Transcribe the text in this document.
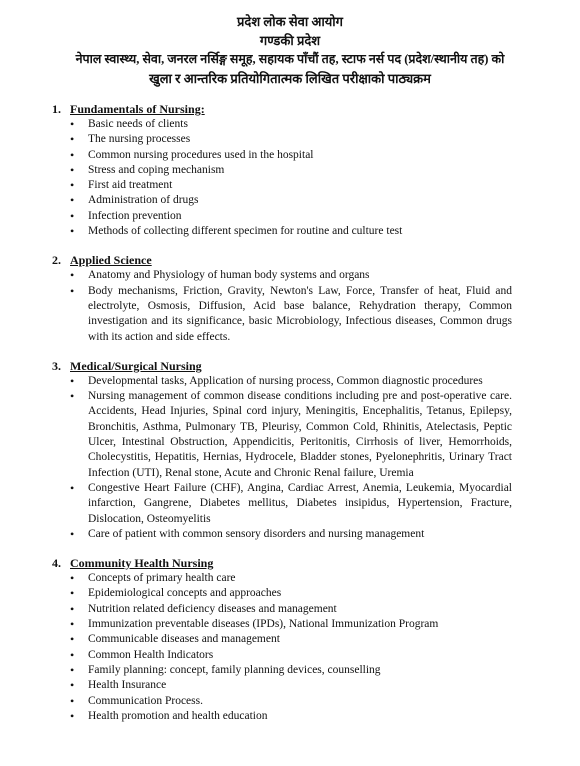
प्रदेश लोक सेवा आयोग
गण्डकी प्रदेश
नेपाल स्वास्थ्य, सेवा, जनरल नर्सिङ्ग समूह, सहायक पाँचौं तह, स्टाफ नर्स पद (प्रदेश/स्थानीय तह) को
खुला र आन्तरिक प्रतियोगितात्मक लिखित परीक्षाको पाठ्यक्रम
1. Fundamentals of Nursing:
• Basic needs of clients
• The nursing processes
• Common nursing procedures used in the hospital
• Stress and coping mechanism
• First aid treatment
• Administration of drugs
• Infection prevention
• Methods of collecting different specimen for routine and culture test
2. Applied Science
• Anatomy and Physiology of human body systems and organs
• Body mechanisms, Friction, Gravity, Newton's Law, Force, Transfer of heat, Fluid and electrolyte, Osmosis, Diffusion, Acid base balance, Rehydration therapy, Common investigation and its significance, basic Microbiology, Infectious diseases, Common drugs with its action and side effects.
3. Medical/Surgical Nursing
• Developmental tasks, Application of nursing process, Common diagnostic procedures
• Nursing management of common disease conditions including pre and post-operative care. Accidents, Head Injuries, Spinal cord injury, Meningitis, Encephalitis, Tetanus, Epilepsy, Bronchitis, Asthma, Pulmonary TB, Pleurisy, Common Cold, Rhinitis, Atelectasis, Peptic Ulcer, Intestinal Obstruction, Appendicitis, Peritonitis, Cirrhosis of liver, Hemorrhoids, Cholecystitis, Hepatitis, Hernias, Hydrocele, Bladder stones, Pyelonephritis, Urinary Tract Infection (UTI), Renal stone, Acute and Chronic Renal failure, Uremia
• Congestive Heart Failure (CHF), Angina, Cardiac Arrest, Anemia, Leukemia, Myocardial infarction, Gangrene, Diabetes mellitus, Diabetes insipidus, Hypertension, Fracture, Dislocation, Osteomyelitis
• Care of patient with common sensory disorders and nursing management
4. Community Health Nursing
• Concepts of primary health care
• Epidemiological concepts and approaches
• Nutrition related deficiency diseases and management
• Immunization preventable diseases (IPDs), National Immunization Program
• Communicable diseases and management
• Common Health Indicators
• Family planning: concept, family planning devices, counselling
• Health Insurance
• Communication Process.
• Health promotion and health education
